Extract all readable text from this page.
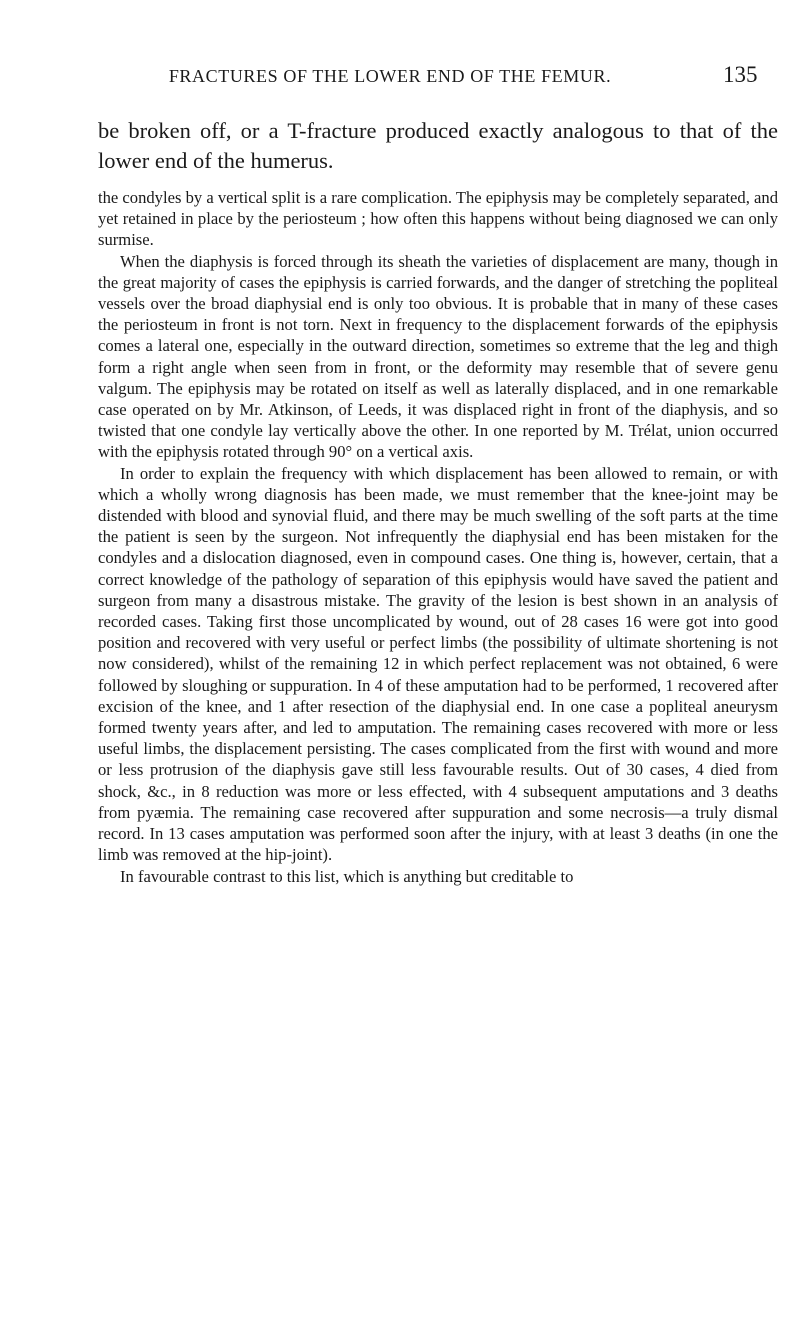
FRACTURES OF THE LOWER END OF THE FEMUR.	135
be broken off, or a T-fracture produced exactly analogous to that of the lower end of the humerus.

the condyles by a vertical split is a rare complication. The epiphysis may be completely separated, and yet retained in place by the periosteum ; how often this happens without being diagnosed we can only surmise.

When the diaphysis is forced through its sheath the varieties of displacement are many, though in the great majority of cases the epiphysis is carried forwards, and the danger of stretching the popliteal vessels over the broad diaphysial end is only too obvious. It is probable that in many of these cases the periosteum in front is not torn. Next in frequency to the displacement forwards of the epiphysis comes a lateral one, especially in the outward direction, sometimes so extreme that the leg and thigh form a right angle when seen from in front, or the deformity may resemble that of severe genu valgum. The epiphysis may be rotated on itself as well as laterally displaced, and in one remarkable case operated on by Mr. Atkinson, of Leeds, it was displaced right in front of the diaphysis, and so twisted that one condyle lay vertically above the other. In one reported by M. Trélat, union occurred with the epiphysis rotated through 90° on a vertical axis.

In order to explain the frequency with which displacement has been allowed to remain, or with which a wholly wrong diagnosis has been made, we must remember that the knee-joint may be distended with blood and synovial fluid, and there may be much swelling of the soft parts at the time the patient is seen by the surgeon. Not infrequently the diaphysial end has been mistaken for the condyles and a dislocation diagnosed, even in compound cases. One thing is, however, certain, that a correct knowledge of the pathology of separation of this epiphysis would have saved the patient and surgeon from many a disastrous mistake. The gravity of the lesion is best shown in an analysis of recorded cases. Taking first those uncomplicated by wound, out of 28 cases 16 were got into good position and recovered with very useful or perfect limbs (the possibility of ultimate shortening is not now considered), whilst of the remaining 12 in which perfect replacement was not obtained, 6 were followed by sloughing or suppuration. In 4 of these amputation had to be performed, 1 recovered after excision of the knee, and 1 after resection of the diaphysial end. In one case a popliteal aneurysm formed twenty years after, and led to amputation. The remaining cases recovered with more or less useful limbs, the displacement persisting. The cases complicated from the first with wound and more or less protrusion of the diaphysis gave still less favourable results. Out of 30 cases, 4 died from shock, &c., in 8 reduction was more or less effected, with 4 subsequent amputations and 3 deaths from pyæmia. The remaining case recovered after suppuration and some necrosis—a truly dismal record. In 13 cases amputation was performed soon after the injury, with at least 3 deaths (in one the limb was removed at the hip-joint).

In favourable contrast to this list, which is anything but creditable to
